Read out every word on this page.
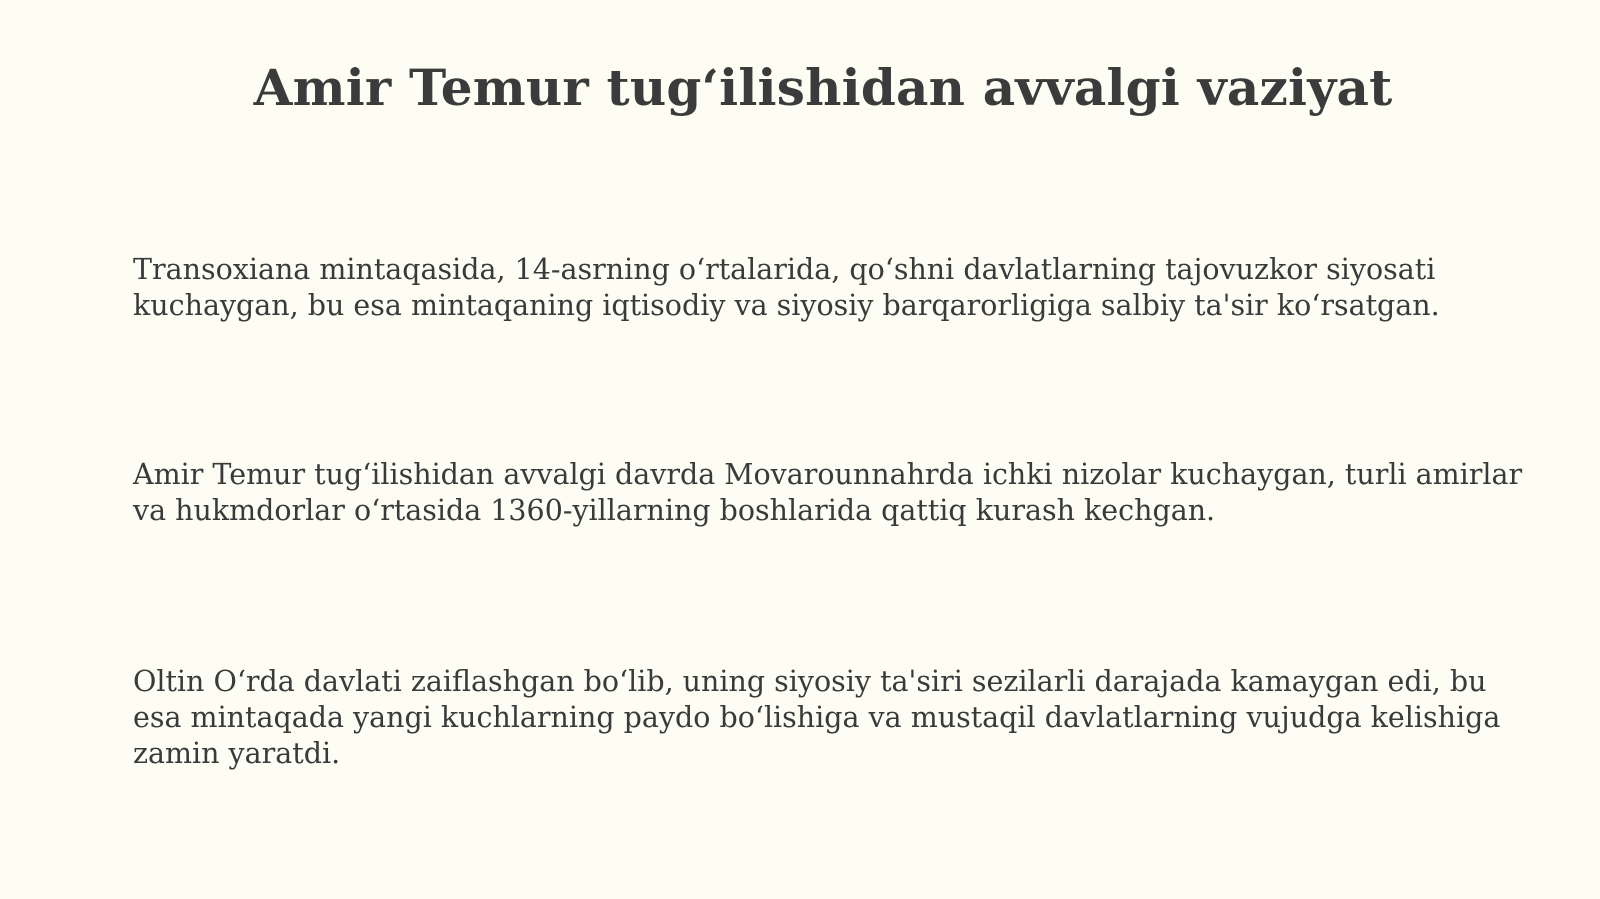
Amir Temur tug‘ilishidan avvalgi vaziyat

Transoxiana mintaqasida, 14-asrning o‘rtalarida, qo‘shni davlatlarning tajovuzkor siyosati kuchaygan, bu esa mintaqaning iqtisodiy va siyosiy barqarorligiga salbiy ta'sir ko‘rsatgan.

Amir Temur tug‘ilishidan avvalgi davrda Movarounnahrda ichki nizolar kuchaygan, turli amirlar va hukmdorlar o‘rtasida 1360-yillarning boshlarida qattiq kurash kechgan.

Oltin O‘rda davlati zaiflashgan bo‘lib, uning siyosiy ta'siri sezilarli darajada kamaygan edi, bu esa mintaqada yangi kuchlarning paydo bo‘lishiga va mustaqil davlatlarning vujudga kelishiga zamin yaratdi.
